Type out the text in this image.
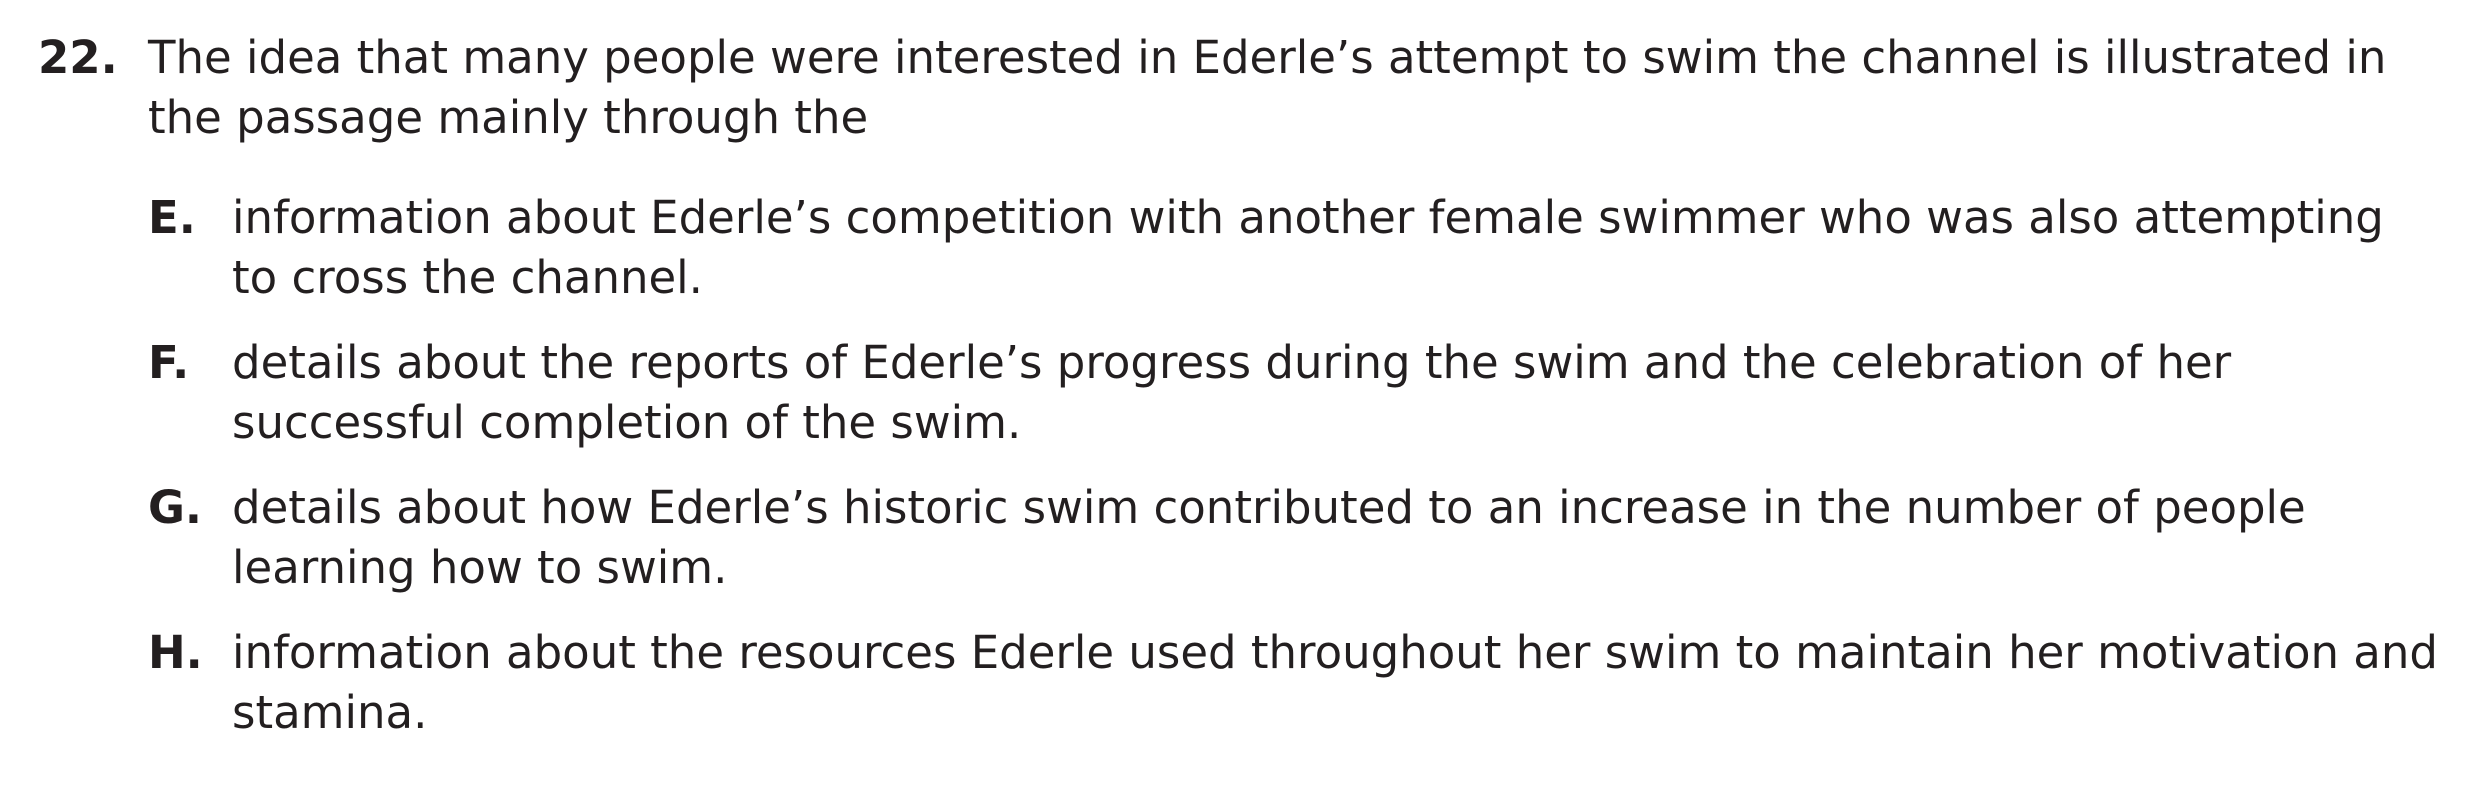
22. The idea that many people were interested in Ederle’s attempt to swim the channel is illustrated in the passage mainly through the
E. information about Ederle’s competition with another female swimmer who was also attempting to cross the channel.
F. details about the reports of Ederle’s progress during the swim and the celebration of her successful completion of the swim.
G. details about how Ederle’s historic swim contributed to an increase in the number of people learning how to swim.
H. information about the resources Ederle used throughout her swim to maintain her motivation and stamina.
